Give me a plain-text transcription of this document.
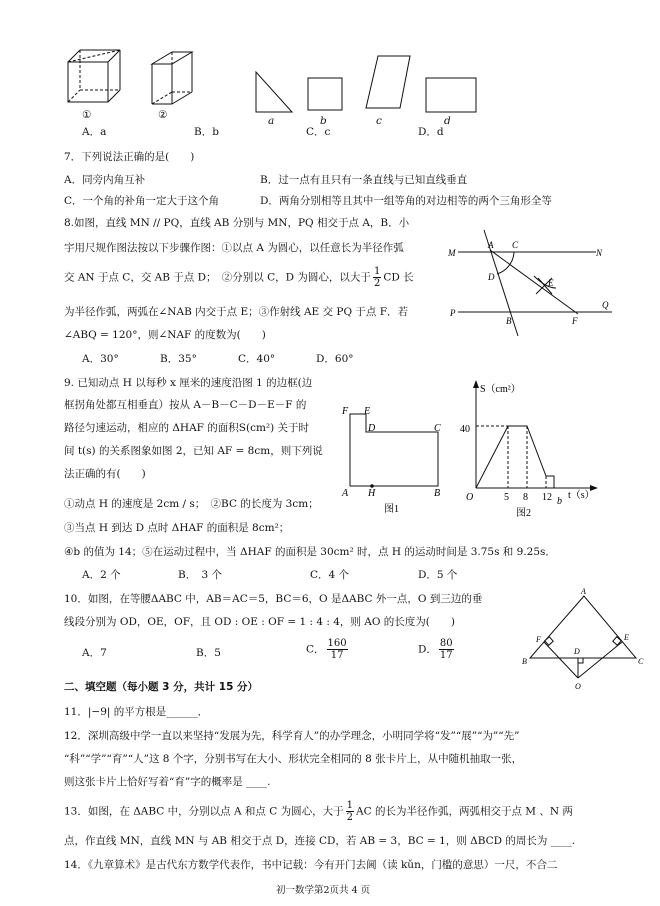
①	②	a	b	c	d
A．a	B．b	C．c	D．d
7．下列说法正确的是(　　)
A．同旁内角互补	B．过一点有且只有一条直线与已知直线垂直
C．一个角的补角一定大于这个角	D．两角分别相等且其中一组等角的对边相等的两个三角形全等
8.如图，直线 MN // PQ，直线 AB 分别与 MN，PQ 相交于点 A，B．小
宇用尺规作图法按以下步骤作图：①以点 A 为圆心，以任意长为半径作弧
交 AN 于点 C，交 AB 于点 D；　②分别以 C，D 为圆心，以大于 $\frac{1}{2}$ CD 长
为半径作弧，两弧在∠NAB 内交于点 E；③作射线 AE 交 PQ 于点 F．若
∠ABQ = 120°，则∠NAF 的度数为(　　)
A．30°	B．35°	C．40°	D．60°
M
A C
N
D
E
P
B	F
Q
9. 已知动点 H 以每秒 x 厘米的速度沿图 1 的边框(边
框拐角处都互相垂直）按从 A－B－C－D－E－F 的
路径匀速运动，相应的 ΔHAF 的面积S(cm²) 关于时
间 t(s) 的关系图象如图 2，已知 AF = 8cm，则下列说
法正确的有(　　)
①动点 H 的速度是 2cm / s；　②BC 的长度为 3cm；
③当点 H 到达 D 点时 ΔHAF 的面积是 8cm²；
④b 的值为 14；⑤在运动过程中，当 ΔHAF 的面积是 30cm² 时，点 H 的运动时间是 3.75s 和 9.25s．
A．2 个	B．　3 个	C．4 个	D．5 个
F E
D	C
A H	B
图1
S（cm²）
40
O	5 8 12 b
t（s）
图2
10．如图，在等腰ΔABC 中，AB＝AC＝5，BC＝6，O 是ΔABC 外一点，O 到三边的垂
线段分别为 OD，OE，OF，且 OD : OE : OF = 1 : 4 : 4，则 AO 的长度为(　　)
A．7	B．5	C． $\frac{160}{17}$	D． $\frac{80}{17}$
A
F	E
B
D
C
O
二、填空题（每小题 3 分，共计 15 分）
11．|−9| 的平方根是______．
12．深圳高级中学一直以来坚持“发展为先，科学育人”的办学理念，小明同学将“发”“展”“为”“先”
“科”“学”“育”“人”这 8 个字，分别书写在大小、形状完全相同的 8 张卡片上，从中随机抽取一张，
则这张卡片上恰好写着“育”字的概率是 ____.
13．如图，在 ΔABC 中，分别以点 A 和点 C 为圆心，大于 $\frac{1}{2}$ AC 的长为半径作弧，两弧相交于点 M 、N 两
点，作直线 MN，直线 MN 与 AB 相交于点 D，连接 CD，若 AB = 3，BC = 1，则 ΔBCD 的周长为 ____.
14．《九章算术》是古代东方数学代表作，书中记载：今有开门去阃（读 kǔn，门槛的意思）一尺，不合二
初一数学第2页共 4 页
